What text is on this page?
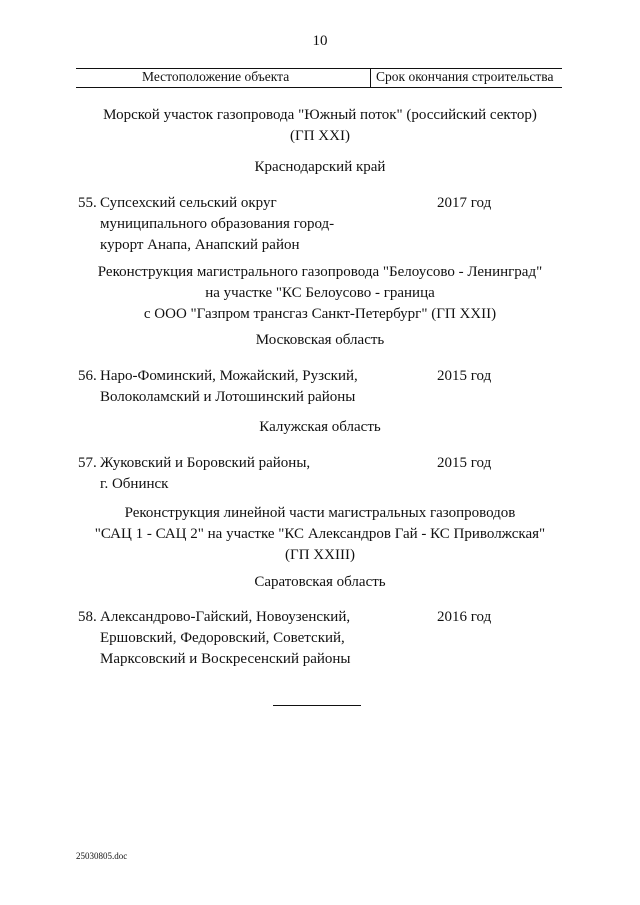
10
Местоположение объекта	Срок окончания строительства
Морской участок газопровода "Южный поток" (российский сектор)
(ГП XXI)
Краснодарский край
55. Супсехский сельский округ
муниципального образования город-
курорт Анапа, Анапский район
2017 год
Реконструкция магистрального газопровода "Белоусово - Ленинград"
на участке "КС Белоусово - граница
с ООО "Газпром трансгаз Санкт-Петербург" (ГП XXII)
Московская область
56. Наро-Фоминский, Можайский, Рузский,
Волоколамский и Лотошинский районы
2015 год
Калужская область
57. Жуковский и Боровский районы,
г. Обнинск
2015 год
Реконструкция линейной части магистральных газопроводов
"САЦ 1 - САЦ 2" на участке "КС Александров Гай - КС Приволжская"
(ГП XXIII)
Саратовская область
58. Александрово-Гайский, Новоузенский,
Ершовский, Федоровский, Советский,
Марксовский и Воскресенский районы
2016 год
25030805.doc
